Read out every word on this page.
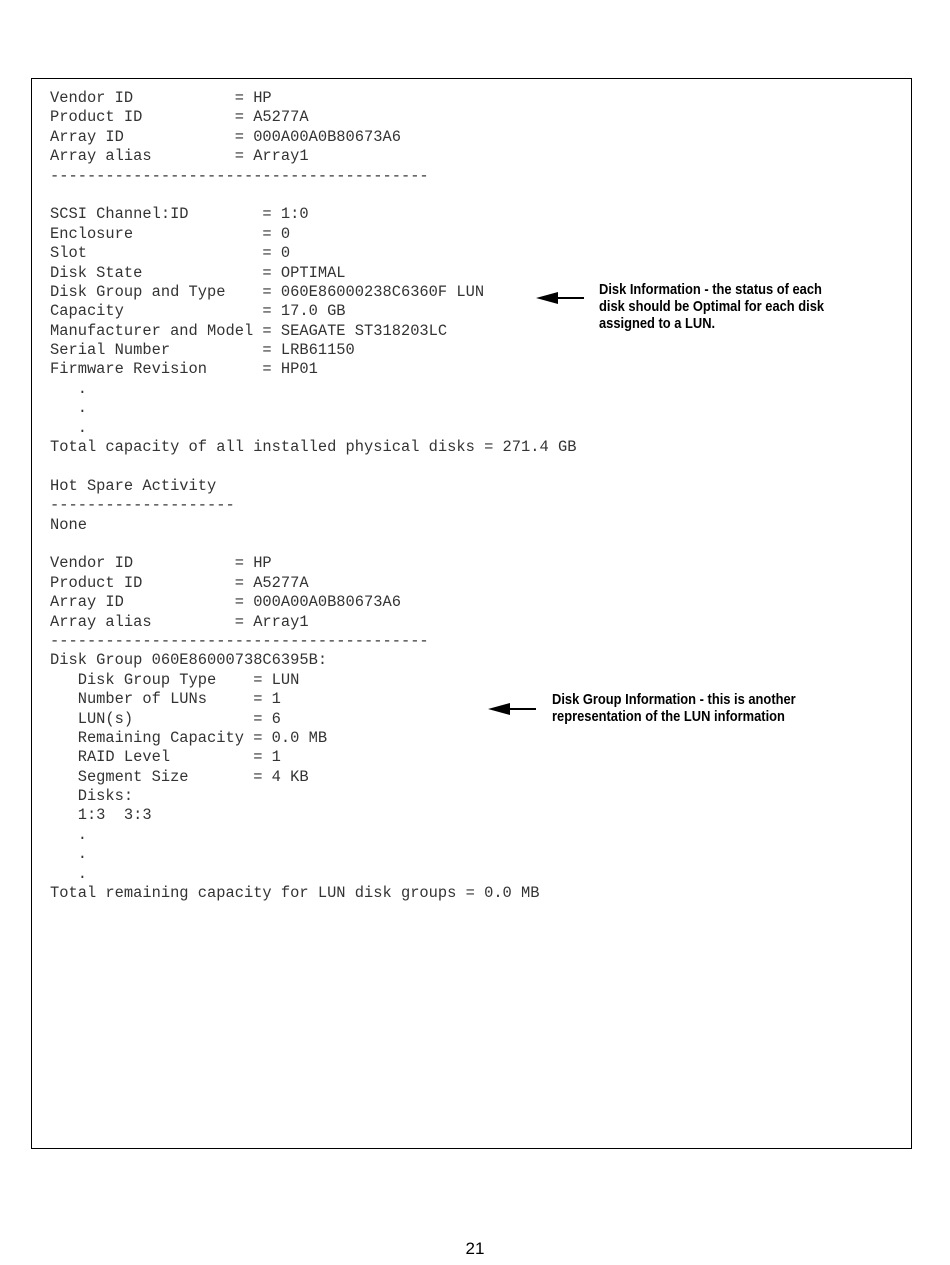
Vendor ID           = HP
Product ID          = A5277A
Array ID            = 000A00A0B80673A6
Array alias         = Array1
-----------------------------------------
SCSI Channel:ID        = 1:0
Enclosure              = 0
Slot                   = 0
Disk State             = OPTIMAL
Disk Group and Type    = 060E86000238C6360F LUN
Capacity               = 17.0 GB
Manufacturer and Model = SEAGATE ST318203LC
Serial Number          = LRB61150
Firmware Revision      = HP01
.
.
.
Total capacity of all installed physical disks = 271.4 GB
Hot Spare Activity
--------------------
None
Vendor ID           = HP
Product ID          = A5277A
Array ID            = 000A00A0B80673A6
Array alias         = Array1
-----------------------------------------
Disk Group 060E86000738C6395B:
Disk Group Type    = LUN
Number of LUNs     = 1
LUN(s)             = 6
Remaining Capacity = 0.0 MB
RAID Level         = 1
Segment Size       = 4 KB
Disks:
1:3  3:3
.
.
.
Total remaining capacity for LUN disk groups = 0.0 MB
Disk Information - the status of each
disk should be Optimal for each disk
assigned to a LUN.
Disk Group Information - this is another
representation of the LUN information
21
